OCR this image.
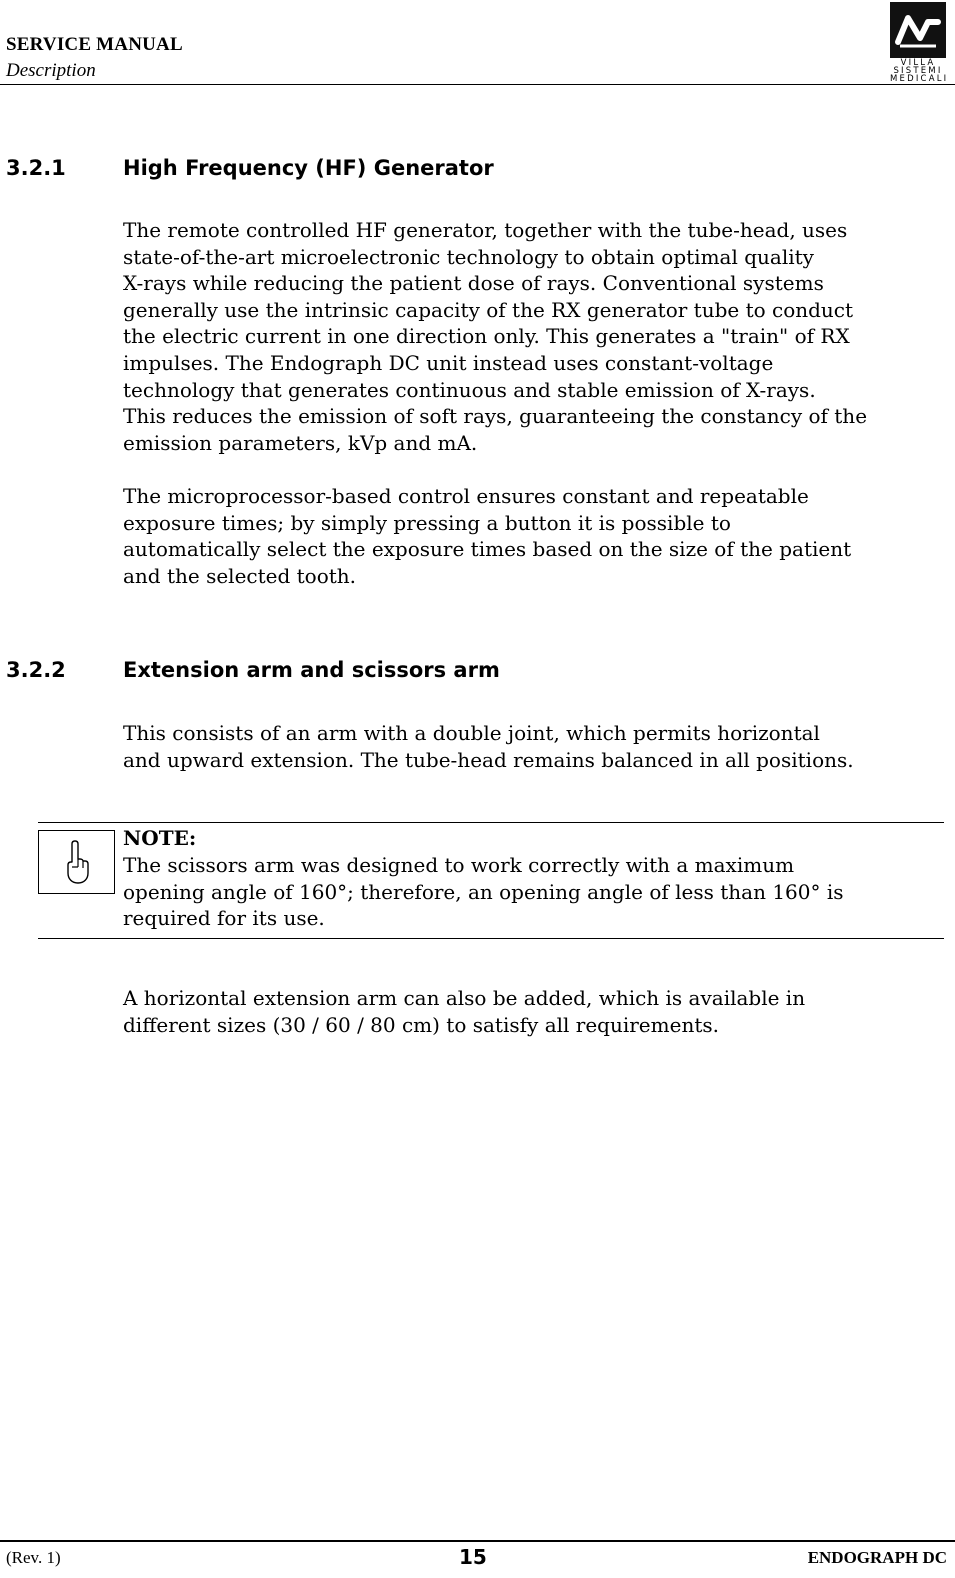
SERVICE MANUAL
Description	VILLA
SISTEMI
MEDICALI
3.2.1	High Frequency (HF) Generator

The remote controlled HF generator, together with the tube-head, uses
state-of-the-art microelectronic technology to obtain optimal quality
X-rays while reducing the patient dose of rays. Conventional systems
generally use the intrinsic capacity of the RX generator tube to conduct
the electric current in one direction only. This generates a "train" of RX
impulses. The Endograph DC unit instead uses constant-voltage
technology that generates continuous and stable emission of X-rays.
This reduces the emission of soft rays, guaranteeing the constancy of the
emission parameters, kVp and mA.

The microprocessor-based control ensures constant and repeatable
exposure times; by simply pressing a button it is possible to
automatically select the exposure times based on the size of the patient
and the selected tooth.

3.2.2	Extension arm and scissors arm

This consists of an arm with a double joint, which permits horizontal
and upward extension. The tube-head remains balanced in all positions.

NOTE:

The scissors arm was designed to work correctly with a maximum
opening angle of 160°; therefore, an opening angle of less than 160° is
required for its use.

A horizontal extension arm can also be added, which is available in
different sizes (30 / 60 / 80 cm) to satisfy all requirements.

(Rev. 1)	15	ENDOGRAPH DC
